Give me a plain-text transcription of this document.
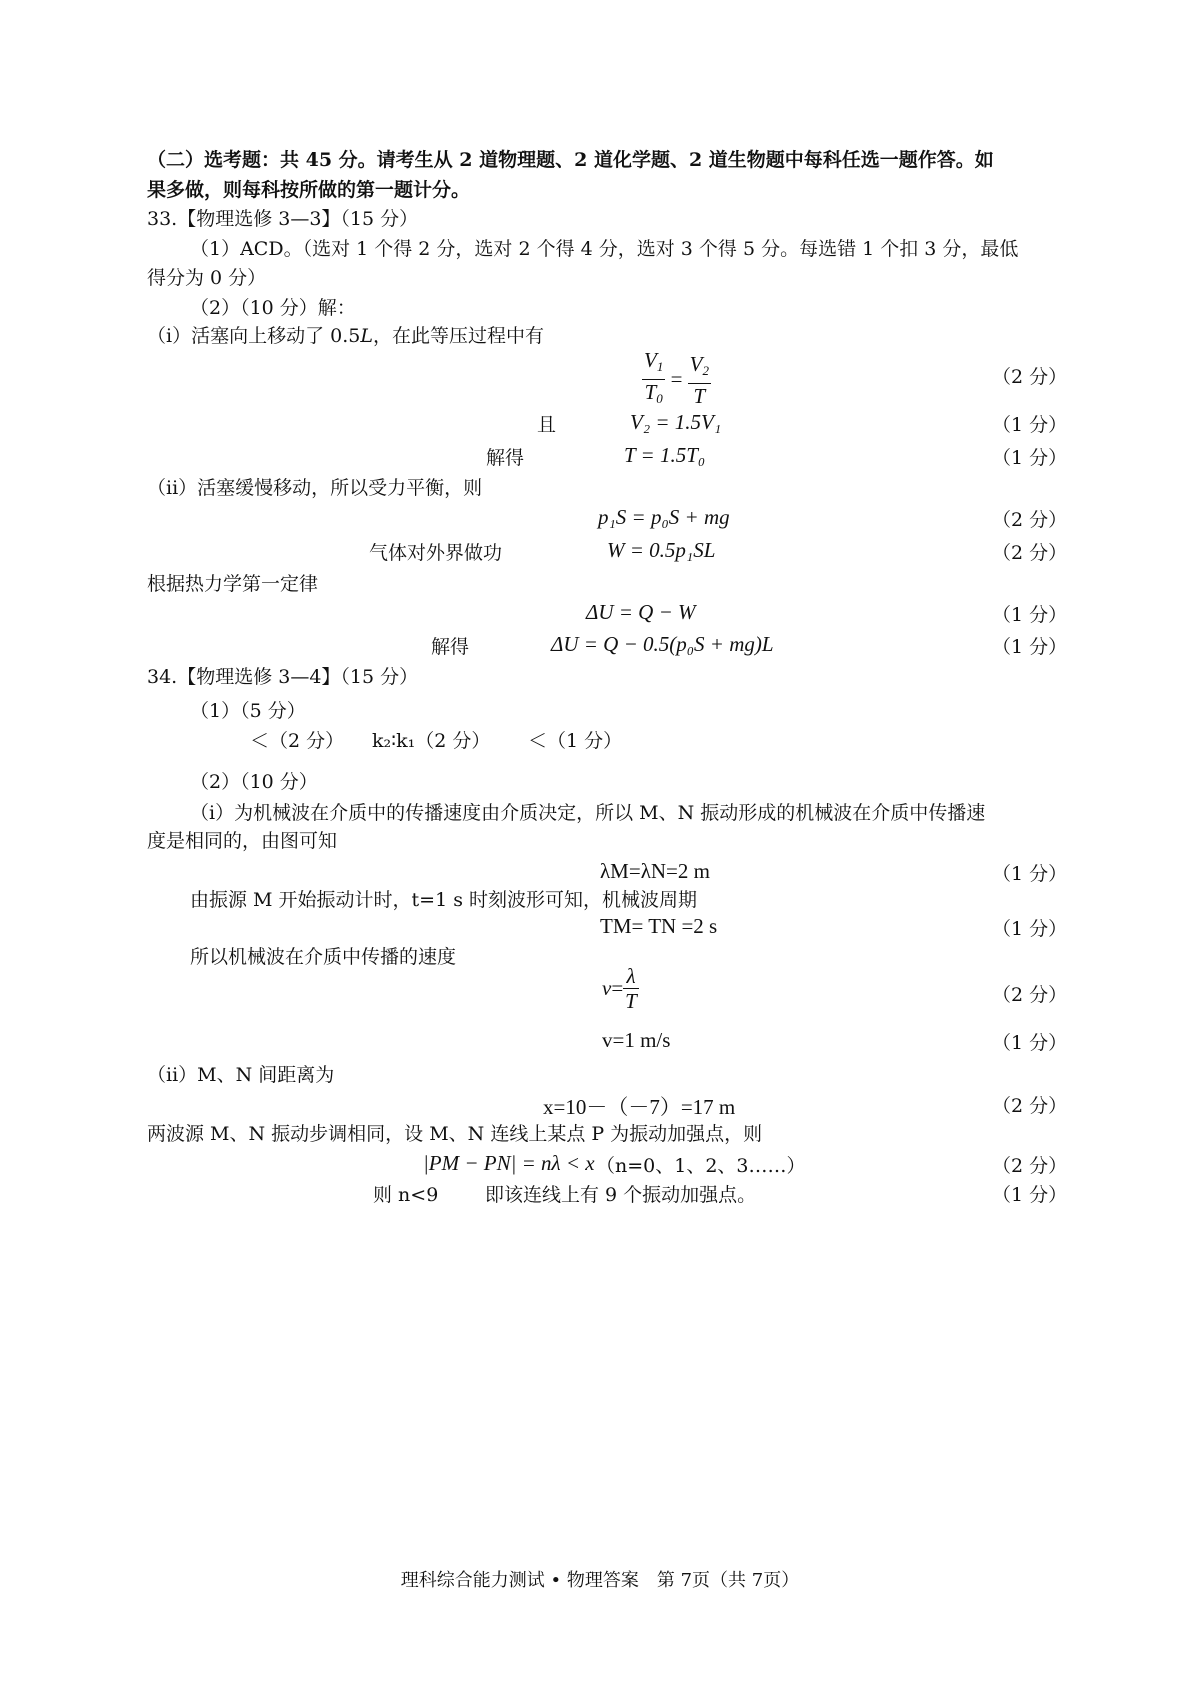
（二）选考题：共 45 分。请考生从 2 道物理题、2 道化学题、2 道生物题中每科任选一题作答。如
果多做，则每科按所做的第一题计分。
33.【物理选修 3—3】（15 分）
（1）ACD。（选对 1 个得 2 分，选对 2 个得 4 分，选对 3 个得 5 分。每选错 1 个扣 3 分，最低
得分为 0 分）
（2）（10 分）解：
（i）活塞向上移动了 0.5L，在此等压过程中有
$\frac{V_1}{T_0} = \frac{V_2}{T}$	（2 分）
且	V₂ = 1.5V₁	（1 分）
解得	T = 1.5T₀	（1 分）
（ii）活塞缓慢移动，所以受力平衡，则
p₁S = p₀S + mg	（2 分）
气体对外界做功	W = 0.5p₁SL	（2 分）
根据热力学第一定律
ΔU = Q − W	（1 分）
解得	ΔU = Q − 0.5(p₀S + mg)L	（1 分）
34.【物理选修 3—4】（15 分）
（1）（5 分）
＜（2 分） k₂∶k₁（2 分） ＜（1 分）
（2）（10 分）
（i）为机械波在介质中的传播速度由介质决定，所以 M、N 振动形成的机械波在介质中传播速
度是相同的，由图可知
λM=λN=2 m	（1 分）
由振源 M 开始振动计时，t=1 s 时刻波形可知，机械波周期
TM= TN =2 s	（1 分）
所以机械波在介质中传播的速度
$v= \frac{\lambda}{T}$	（2 分）
v=1 m/s	（1 分）
（ii）M、N 间距离为
x=10－（－7）=17 m	（2 分）
两波源 M、N 振动步调相同，设 M、N 连线上某点 P 为振动加强点，则
|PM − PN| = nλ < x （n=0、1、2、3……）	（2 分）
则 n<9 即该连线上有 9 个振动加强点。	（1 分）
理科综合能力测试 • 物理答案　第 7页（共 7页）
